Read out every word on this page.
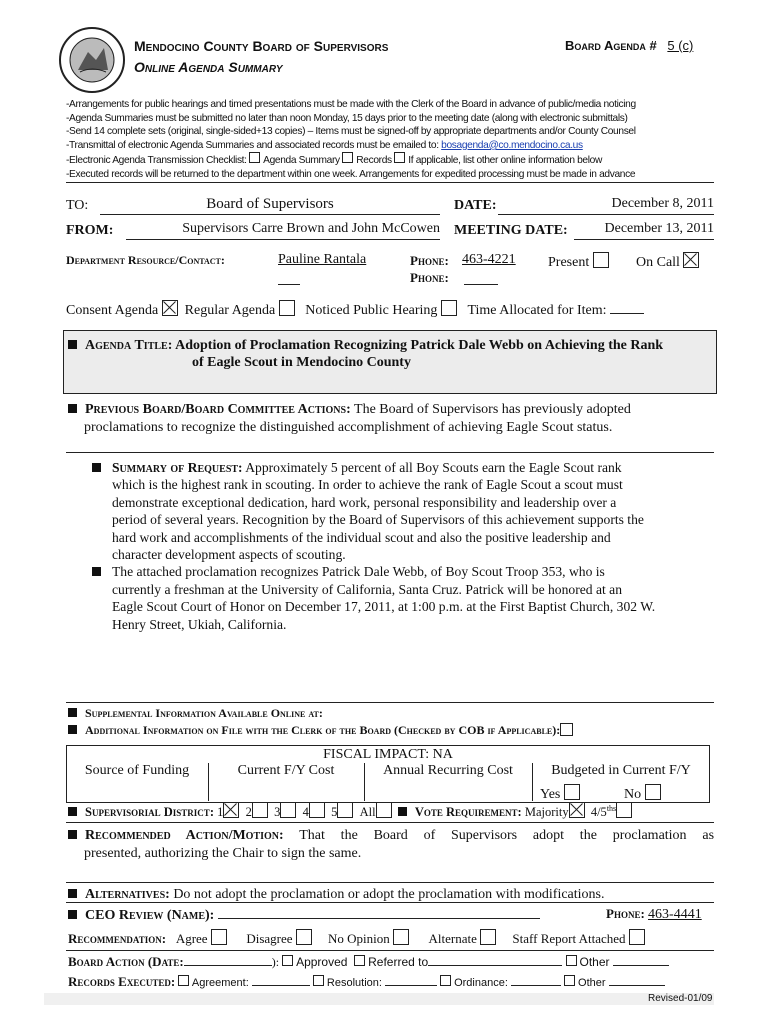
Mendocino County Board of Supervisors
Online Agenda Summary
Board Agenda # 5 (c)
-Arrangements for public hearings and timed presentations must be made with the Clerk of the Board in advance of public/media noticing
-Agenda Summaries must be submitted no later than noon Monday, 15 days prior to the meeting date (along with electronic submittals)
-Send 14 complete sets (original, single-sided+13 copies) – Items must be signed-off by appropriate departments and/or County Counsel
-Transmittal of electronic Agenda Summaries and associated records must be emailed to: bosagenda@co.mendocino.ca.us
-Electronic Agenda Transmission Checklist: Agenda Summary Records If applicable, list other online information below
-Executed records will be returned to the department within one week. Arrangements for expedited processing must be made in advance
TO:	Board of Supervisors	DATE:	December 8, 2011
FROM:	Supervisors Carre Brown and John McCowen MEETING DATE:	December 13, 2011
Department Resource/Contact:	Pauline Rantala	Phone: 463-4221
Phone:
Present	On Call
Consent Agenda Regular Agenda Noticed Public Hearing Time Allocated for Item:
Agenda Title: Adoption of Proclamation Recognizing Patrick Dale Webb on Achieving the Rank
of Eagle Scout in Mendocino County
Previous Board/Board Committee Actions: The Board of Supervisors has previously adopted
proclamations to recognize the distinguished accomplishment of achieving Eagle Scout status.
Summary of Request: Approximately 5 percent of all Boy Scouts earn the Eagle Scout rank
which is the highest rank in scouting. In order to achieve the rank of Eagle Scout a scout must
demonstrate exceptional dedication, hard work, personal responsibility and leadership over a
period of several years. Recognition by the Board of Supervisors of this achievement supports the
hard work and accomplishments of the individual scout and also the positive leadership and
character development aspects of scouting.
The attached proclamation recognizes Patrick Dale Webb, of Boy Scout Troop 353, who is
currently a freshman at the University of California, Santa Cruz. Patrick will be honored at an
Eagle Scout Court of Honor on December 17, 2011, at 1:00 p.m. at the First Baptist Church, 302 W.
Henry Street, Ukiah, California.
Supplemental Information Available Online at:
Additional Information on File with the Clerk of the Board (Checked by COB if Applicable):
FISCAL IMPACT: NA
Source of Funding	Current F/Y Cost	Annual Recurring Cost	Budgeted in Current F/Y
Yes	No
Supervisorial District: 1 2 3 4 5 All	Vote Requirement: Majority $4/5^{ths}$
Recommended Action/Motion: That the Board of Supervisors adopt the proclamation as
presented, authorizing the Chair to sign the same.
Alternatives: Do not adopt the proclamation or adopt the proclamation with modifications.
CEO Review (Name):	Phone: 463-4441
Recommendation: Agree	Disagree	No Opinion	Alternate	Staff Report Attached
Board Action (Date:	): Approved Referred to	Other
Records Executed: Agreement:	Resolution:	Ordinance:	Other
Revised-01/09
